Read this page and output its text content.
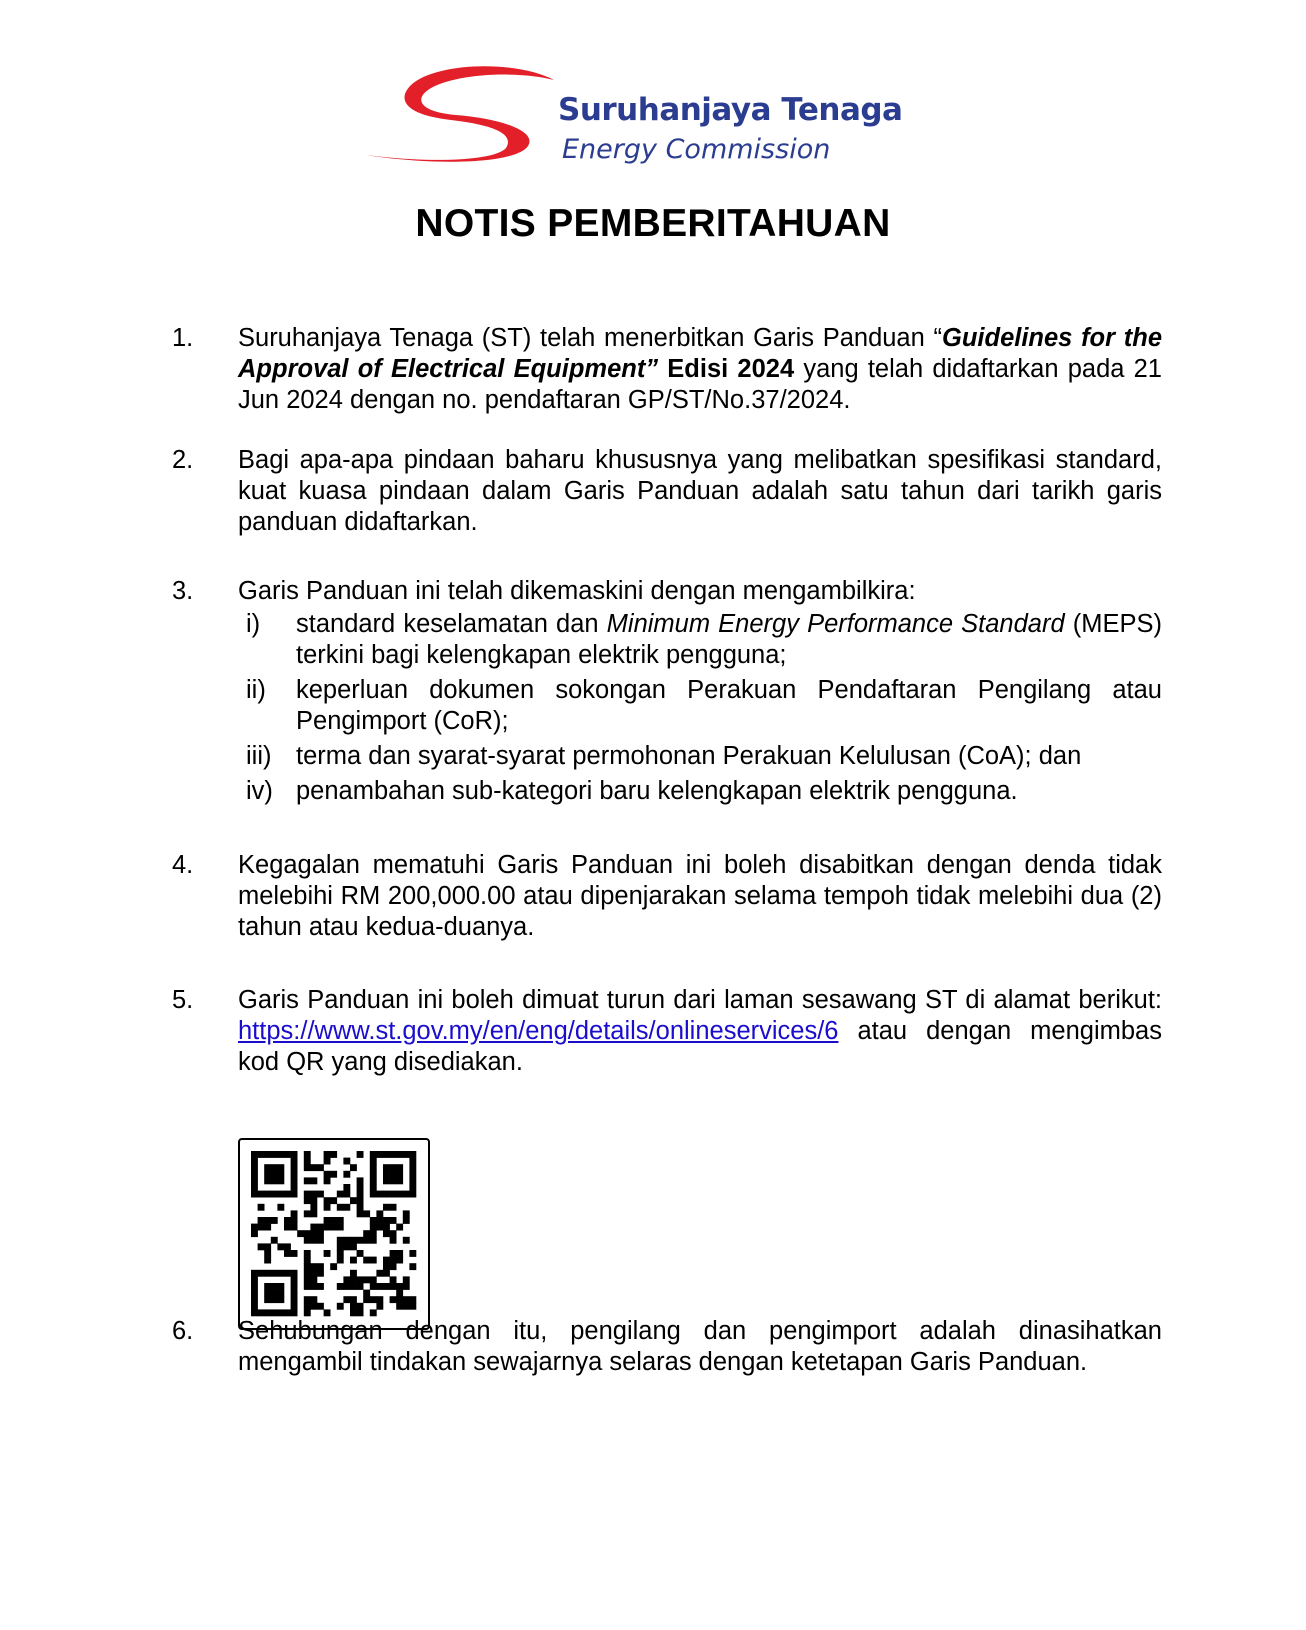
Suruhanjaya Tenaga
Energy Commission
NOTIS PEMBERITAHUAN
1.	Suruhanjaya Tenaga (ST) telah menerbitkan Garis Panduan “Guidelines for the Approval of Electrical Equipment” Edisi 2024 yang telah didaftarkan pada 21 Jun 2024 dengan no. pendaftaran GP/ST/No.37/2024.
2.	Bagi apa-apa pindaan baharu khususnya yang melibatkan spesifikasi standard, kuat kuasa pindaan dalam Garis Panduan adalah satu tahun dari tarikh garis panduan didaftarkan.
3.	Garis Panduan ini telah dikemaskini dengan mengambilkira:
i) standard keselamatan dan Minimum Energy Performance Standard (MEPS) terkini bagi kelengkapan elektrik pengguna;
ii) keperluan dokumen sokongan Perakuan Pendaftaran Pengilang atau Pengimport (CoR);
iii) terma dan syarat-syarat permohonan Perakuan Kelulusan (CoA); dan
iv) penambahan sub-kategori baru kelengkapan elektrik pengguna.
4.	Kegagalan mematuhi Garis Panduan ini boleh disabitkan dengan denda tidak melebihi RM 200,000.00 atau dipenjarakan selama tempoh tidak melebihi dua (2) tahun atau kedua-duanya.
5.	Garis Panduan ini boleh dimuat turun dari laman sesawang ST di alamat berikut: https://www.st.gov.my/en/eng/details/onlineservices/6 atau dengan mengimbas kod QR yang disediakan.
6.	Sehubungan dengan itu, pengilang dan pengimport adalah dinasihatkan mengambil tindakan sewajarnya selaras dengan ketetapan Garis Panduan.
